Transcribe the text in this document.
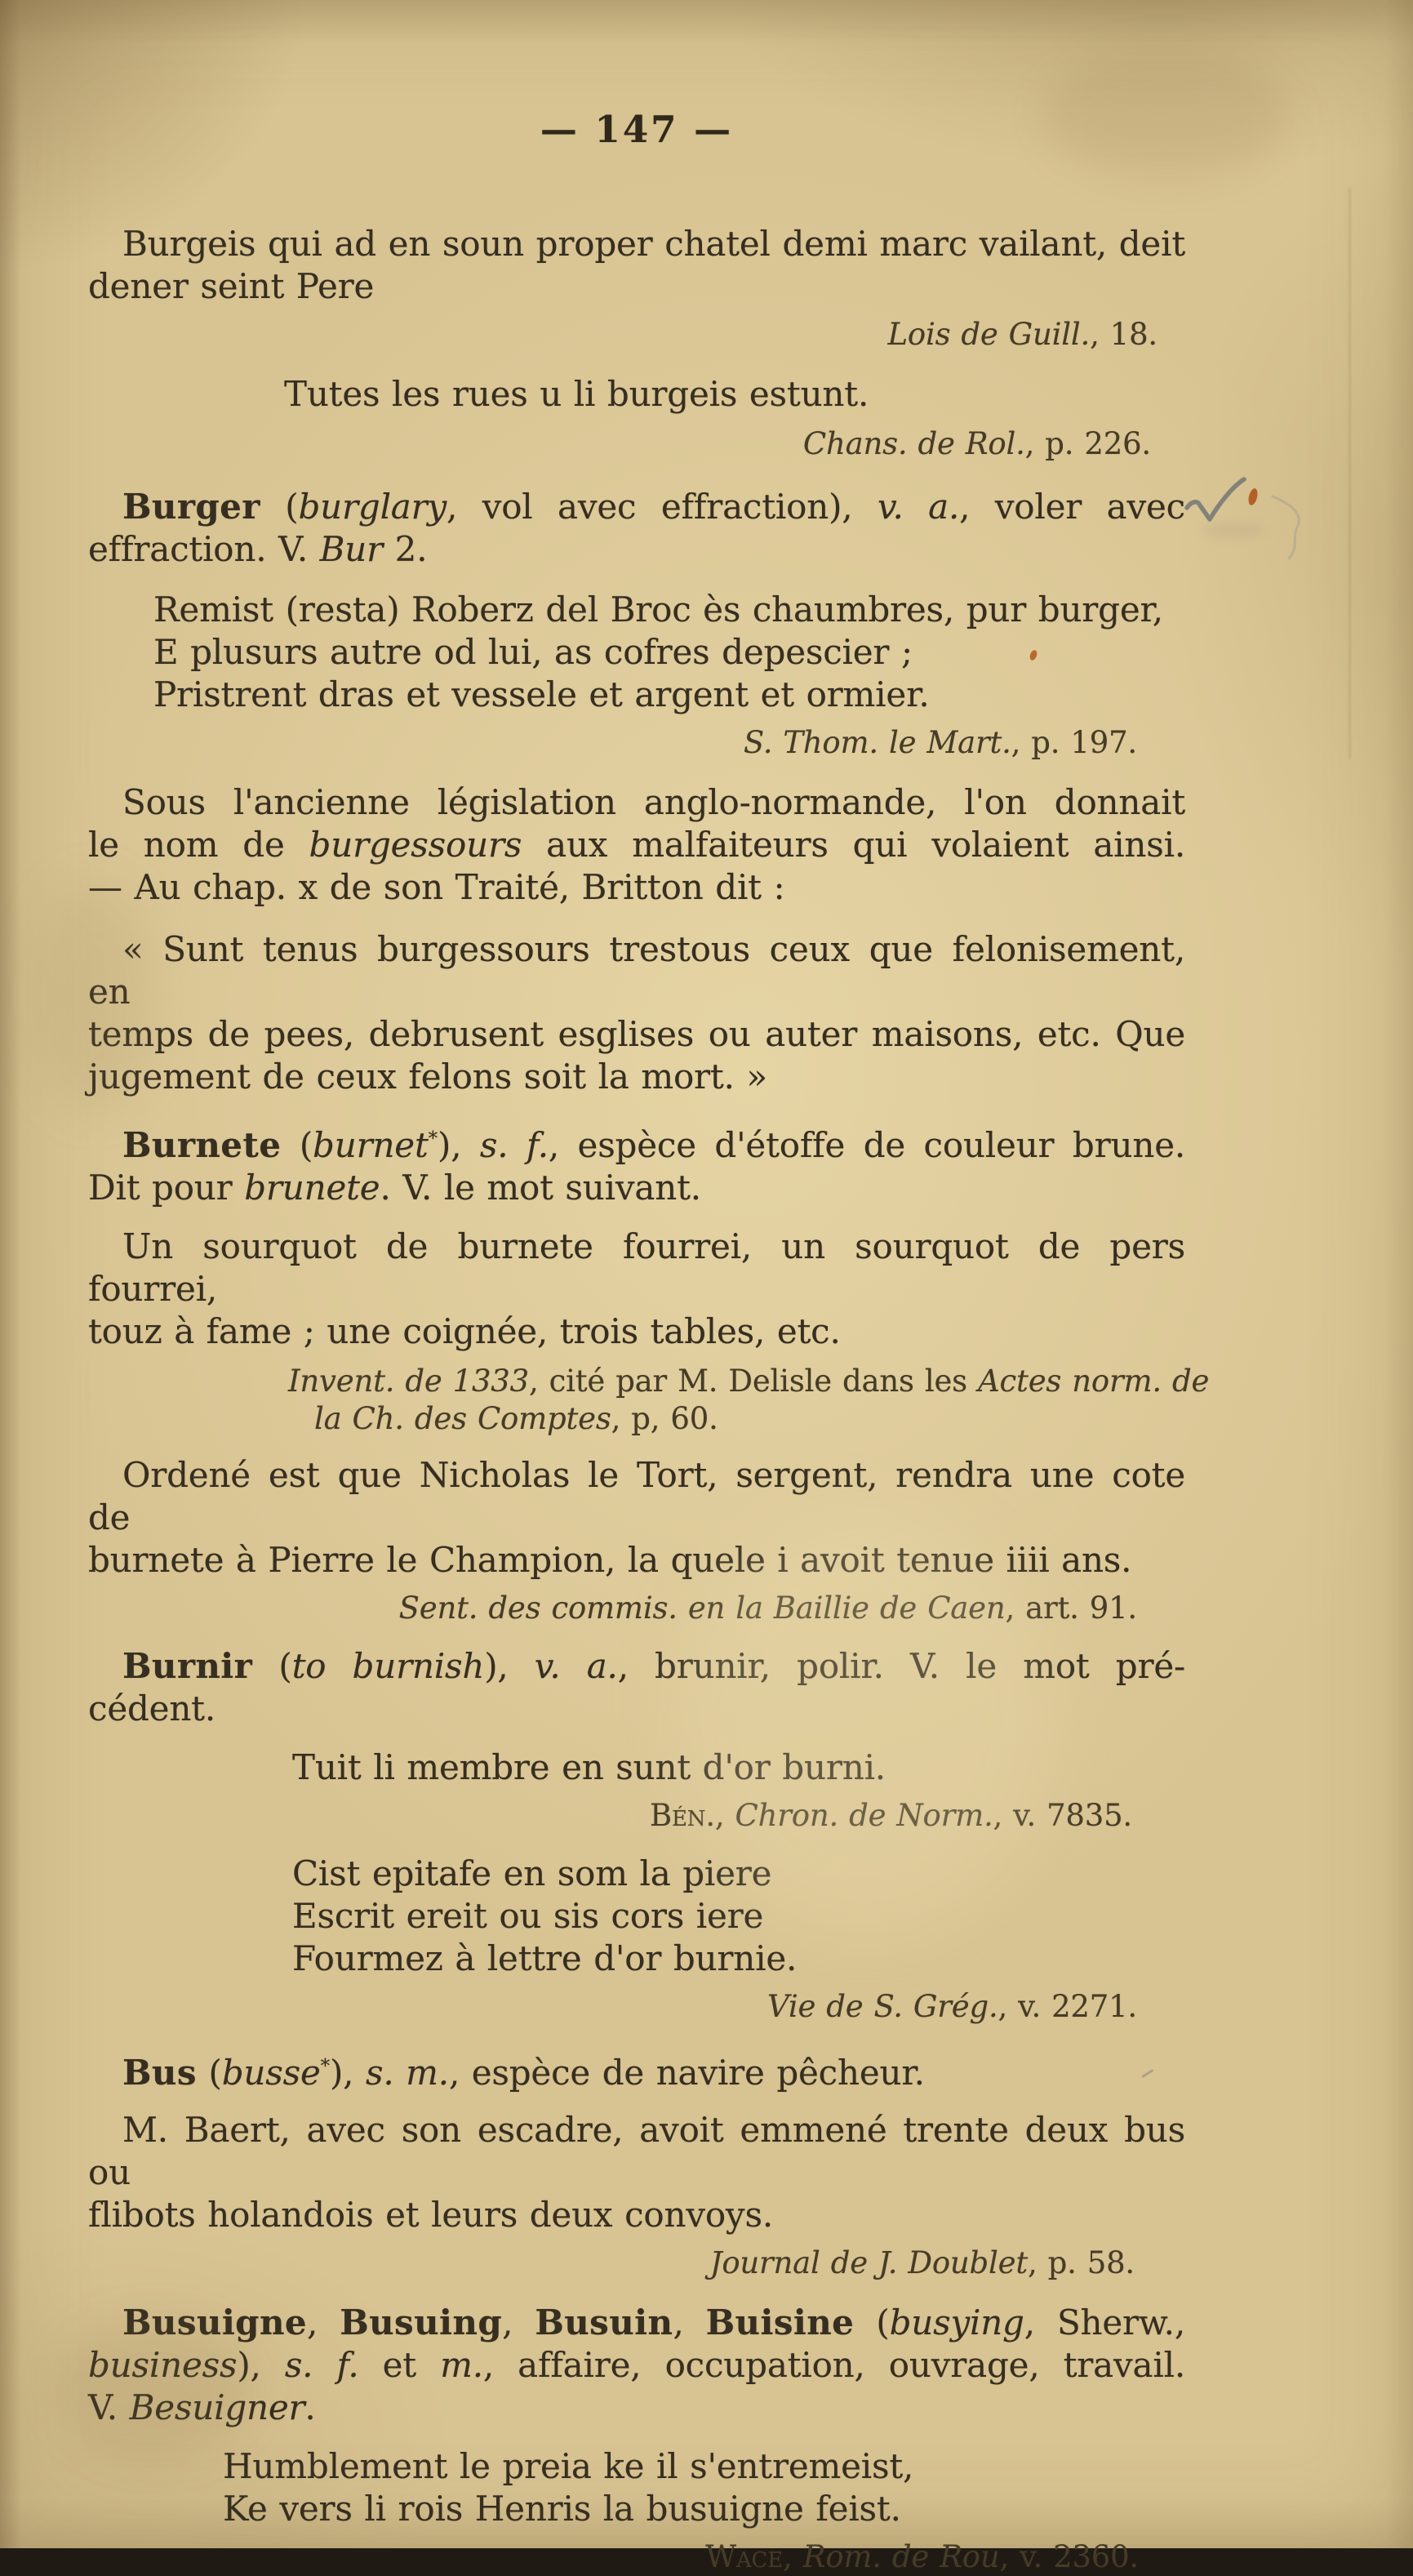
— 147 —
Burgeis qui ad en soun proper chatel demi marc vailant, deit
dener seint Pere
Lois de Guill., 18.
Tutes les rues u li burgeis estunt.
Chans. de Rol., p. 226.
Burger (burglary, vol avec effraction), v. a., voler avec
effraction. V. Bur 2.
Remist (resta) Roberz del Broc ès chaumbres, pur burger,
E plusurs autre od lui, as cofres depescier ;
Pristrent dras et vessele et argent et ormier.
S. Thom. le Mart., p. 197.
Sous l'ancienne législation anglo-normande, l'on donnait
le nom de burgessours aux malfaiteurs qui volaient ainsi.
— Au chap. x de son Traité, Britton dit :
« Sunt tenus burgessours trestous ceux que felonisement, en
temps de pees, debrusent esglises ou auter maisons, etc. Que
jugement de ceux felons soit la mort. »
Burnete (burnet*), s. f., espèce d'étoffe de couleur brune.
Dit pour brunete. V. le mot suivant.
Un sourquot de burnete fourrei, un sourquot de pers fourrei,
touz à fame ; une coignée, trois tables, etc.
Invent. de 1333, cité par M. Delisle dans les Actes norm. de
la Ch. des Comptes, p, 60.
Ordené est que Nicholas le Tort, sergent, rendra une cote de
burnete à Pierre le Champion, la quele i avoit tenue iiii ans.
Sent. des commis. en la Baillie de Caen, art. 91.
Burnir (to burnish), v. a., brunir, polir. V. le mot pré-
cédent.
Tuit li membre en sunt d'or burni.
Bén., Chron. de Norm., v. 7835.
Cist epitafe en som la piere
Escrit ereit ou sis cors iere
Fourmez à lettre d'or burnie.
Vie de S. Grég., v. 2271.
Bus (busse*), s. m., espèce de navire pêcheur.
M. Baert, avec son escadre, avoit emmené trente deux bus ou
flibots holandois et leurs deux convoys.
Journal de J. Doublet, p. 58.
Busuigne, Busuing, Busuin, Buisine (busying, Sherw.,
business), s. f. et m., affaire, occupation, ouvrage, travail.
V. Besuigner.
Humblement le preia ke il s'entremeist,
Ke vers li rois Henris la busuigne feist.
Wace, Rom. de Rou, v. 2360.
